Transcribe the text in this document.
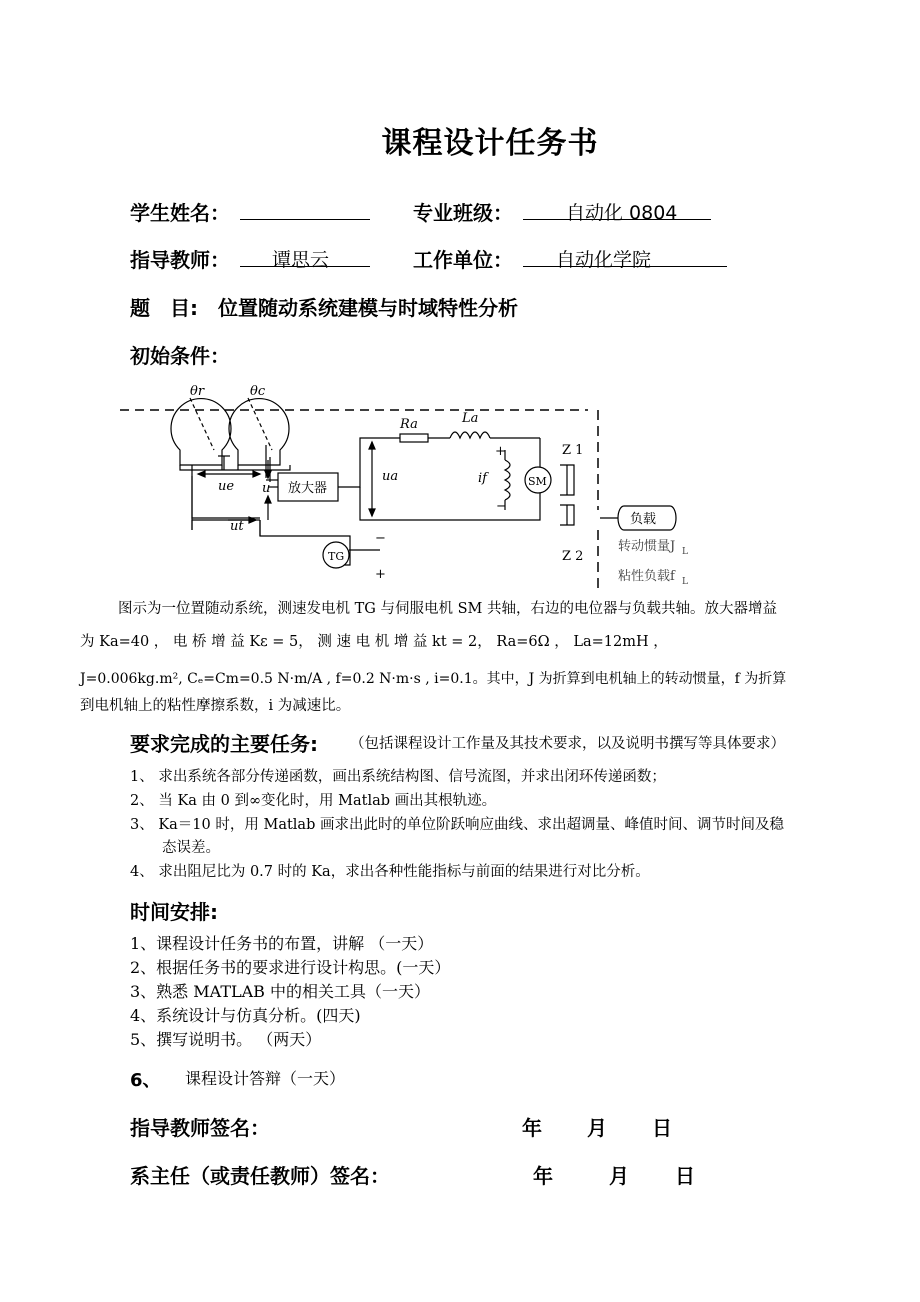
课程设计任务书
学生姓名：	专业班级：	自动化 0804
指导教师： 谭思云	工作单位： 自动化学院
题　目: 位置随动系统建模与时域特性分析
初始条件：
θr	θc
ue u
ut
ua
Ra	La
if
放大器	SM
TG
+
−
−
+
Z 1
Z 2
负载
转动惯量J L
粘性负载f L
图示为一位置随动系统，测速发电机 TG 与伺服电机 SM 共轴，右边的电位器与负载共轴。放大器增益
为 Ka=40 ， 电 桥 增 益 Kε = 5， 测 速 电 机 增 益 kt = 2， Ra=6Ω ， La=12mH ，
J=0.006kg.m², Cₑ=Cm=0.5 N·m/A , f=0.2 N·m·s , i=0.1。其中，J 为折算到电机轴上的转动惯量，f 为折算
到电机轴上的粘性摩擦系数，i 为减速比。
要求完成的主要任务: （包括课程设计工作量及其技术要求，以及说明书撰写等具体要求）
1、 求出系统各部分传递函数，画出系统结构图、信号流图，并求出闭环传递函数；
2、 当 Ka 由 0 到∞变化时，用 Matlab 画出其根轨迹。
3、 Ka＝10 时，用 Matlab 画求出此时的单位阶跃响应曲线、求出超调量、峰值时间、调节时间及稳
态误差。
4、 求出阻尼比为 0.7 时的 Ka，求出各种性能指标与前面的结果进行对比分析。
时间安排:
1、课程设计任务书的布置，讲解 （一天）
2、根据任务书的要求进行设计构思。(一天）
3、熟悉 MATLAB 中的相关工具（一天）
4、系统设计与仿真分析。(四天)
5、撰写说明书。 （两天）
6、 课程设计答辩（一天）
指导教师签名：	年 月 日
系主任（或责任教师）签名：	年	月 日
